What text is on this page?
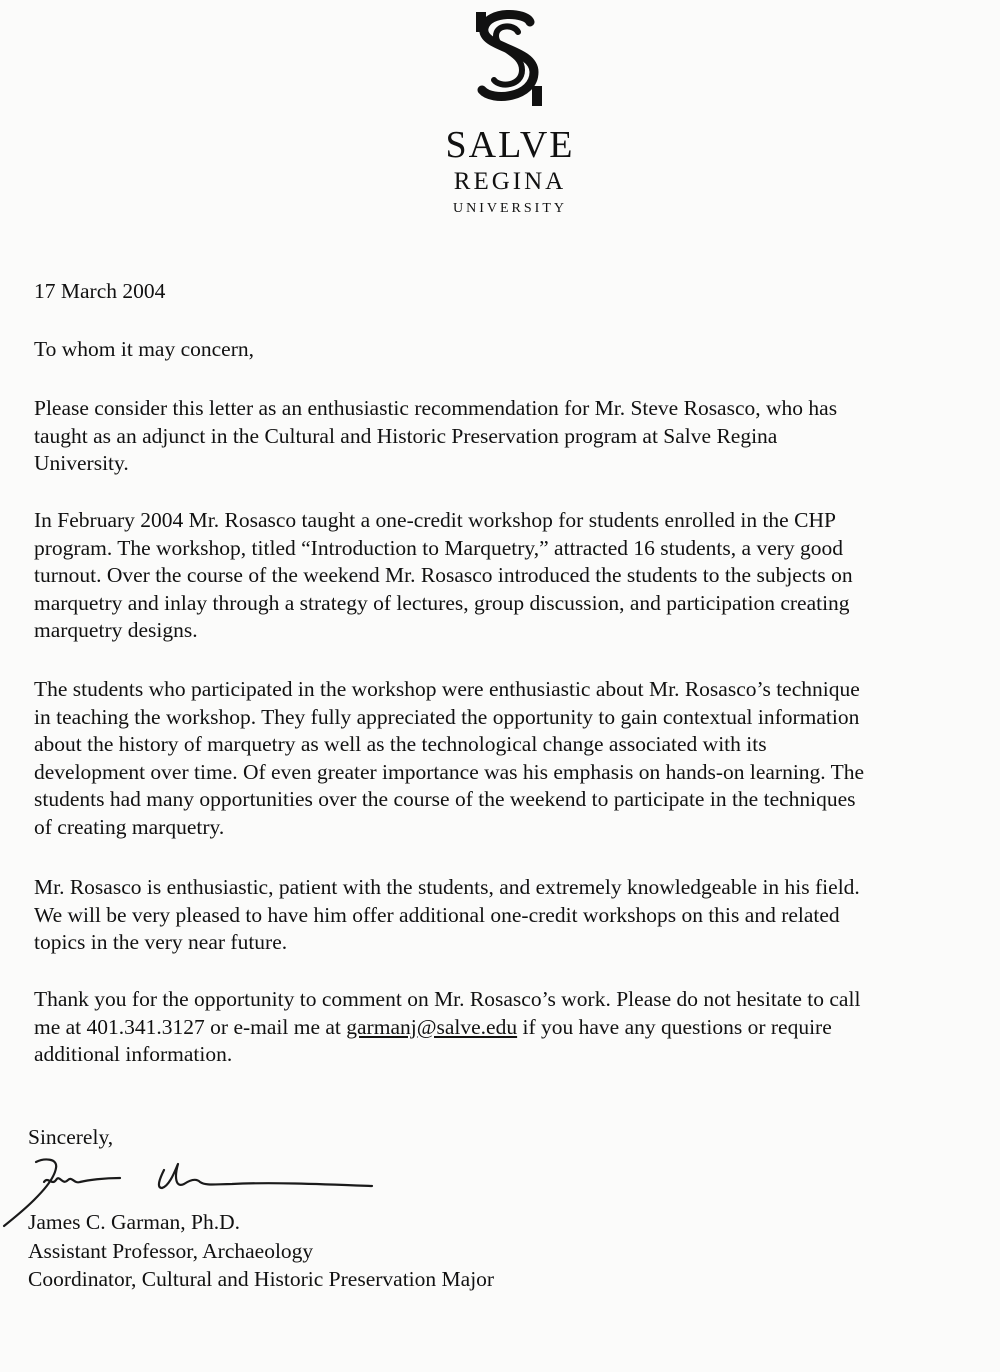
SALVE
REGINA
UNIVERSITY
17 March 2004
To whom it may concern,
Please consider this letter as an enthusiastic recommendation for Mr. Steve Rosasco, who has
taught as an adjunct in the Cultural and Historic Preservation program at Salve Regina
University.
In February 2004 Mr. Rosasco taught a one-credit workshop for students enrolled in the CHP
program. The workshop, titled “Introduction to Marquetry,” attracted 16 students, a very good
turnout. Over the course of the weekend Mr. Rosasco introduced the students to the subjects on
marquetry and inlay through a strategy of lectures, group discussion, and participation creating
marquetry designs.
The students who participated in the workshop were enthusiastic about Mr. Rosasco’s technique
in teaching the workshop. They fully appreciated the opportunity to gain contextual information
about the history of marquetry as well as the technological change associated with its
development over time. Of even greater importance was his emphasis on hands-on learning. The
students had many opportunities over the course of the weekend to participate in the techniques
of creating marquetry.
Mr. Rosasco is enthusiastic, patient with the students, and extremely knowledgeable in his field.
We will be very pleased to have him offer additional one-credit workshops on this and related
topics in the very near future.
Thank you for the opportunity to comment on Mr. Rosasco’s work. Please do not hesitate to call
me at 401.341.3127 or e-mail me at garmanj@salve.edu if you have any questions or require
additional information.
Sincerely,
James C. Garman, Ph.D.
Assistant Professor, Archaeology
Coordinator, Cultural and Historic Preservation Major
